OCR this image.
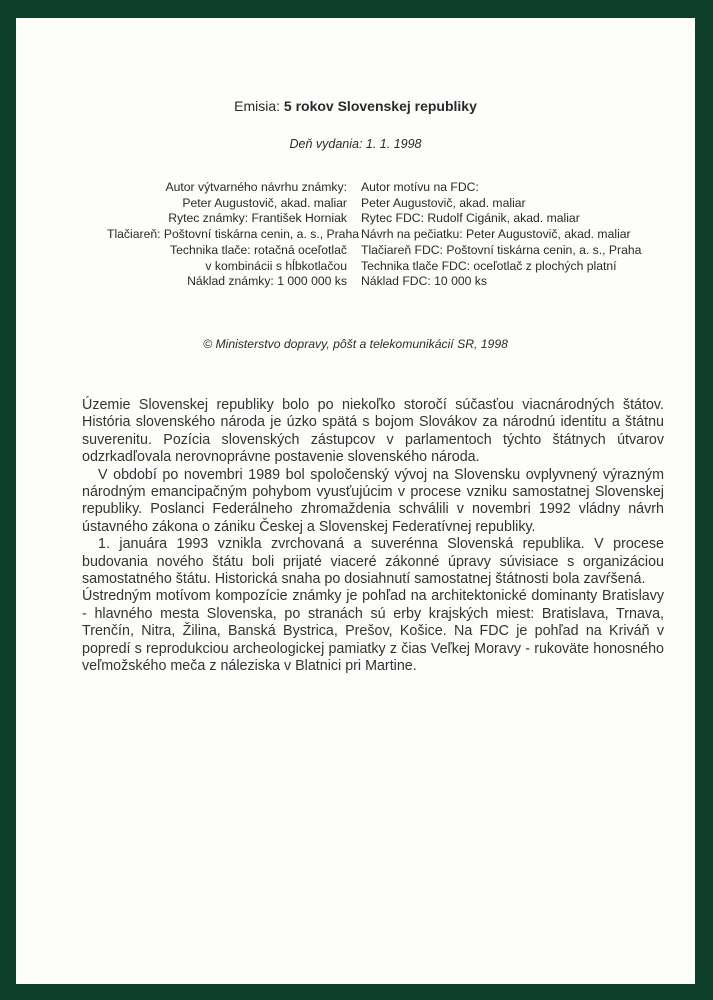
Emisia: 5 rokov Slovenskej republiky
Deň vydania: 1. 1. 1998
Autor výtvarného návrhu známky:
Peter Augustovič, akad. maliar
Rytec známky: František Horniak
Tlačiareň: Poštovní tiskárna cenin, a. s., Praha
Technika tlače: rotačná oceľotlač
v kombinácii s hĺbkotlačou
Náklad známky: 1 000 000 ks
Autor motívu na FDC:
Peter Augustovič, akad. maliar
Rytec FDC: Rudolf Cigánik, akad. maliar
Návrh na pečiatku: Peter Augustovič, akad. maliar
Tlačiareň FDC: Poštovní tiskárna cenin, a. s., Praha
Technika tlače FDC: oceľotlač z plochých platní
Náklad FDC: 10 000 ks
© Ministerstvo dopravy, pôšt a telekomunikácií SR, 1998

Územie Slovenskej republiky bolo po niekoľko storočí súčasťou viacnárodných štátov. História slovenského národa je úzko spätá s bojom Slovákov za národnú identitu a štátnu suverenitu. Pozícia slovenských zástupcov v parlamentoch týchto štátnych útvarov odzrkadľovala nerovnoprávne postavenie slovenského národa.

V období po novembri 1989 bol spoločenský vývoj na Slovensku ovplyvnený výrazným národným emancipačným pohybom vyusťujúcim v procese vzniku samostatnej Slovenskej republiky. Poslanci Federálneho zhromaždenia schválili v novembri 1992 vládny návrh ústavného zákona o zániku Českej a Slovenskej Federatívnej republiky.

1. januára 1993 vznikla zvrchovaná a suverénna Slovenská republika. V procese budovania nového štátu boli prijaté viaceré zákonné úpravy súvisiace s organizáciou samostatného štátu. Historická snaha po dosiahnutí samostatnej štátnosti bola zavŕšená.

Ústredným motívom kompozície známky je pohľad na architektonické dominanty Bratislavy - hlavného mesta Slovenska, po stranách sú erby krajských miest: Bratislava, Trnava, Trenčín, Nitra, Žilina, Banská Bystrica, Prešov, Košice. Na FDC je pohľad na Kriváň v popredí s reprodukciou archeologickej pamiatky z čias Veľkej Moravy - rukoväte honosného veľmožského meča z náleziska v Blatnici pri Martine.
